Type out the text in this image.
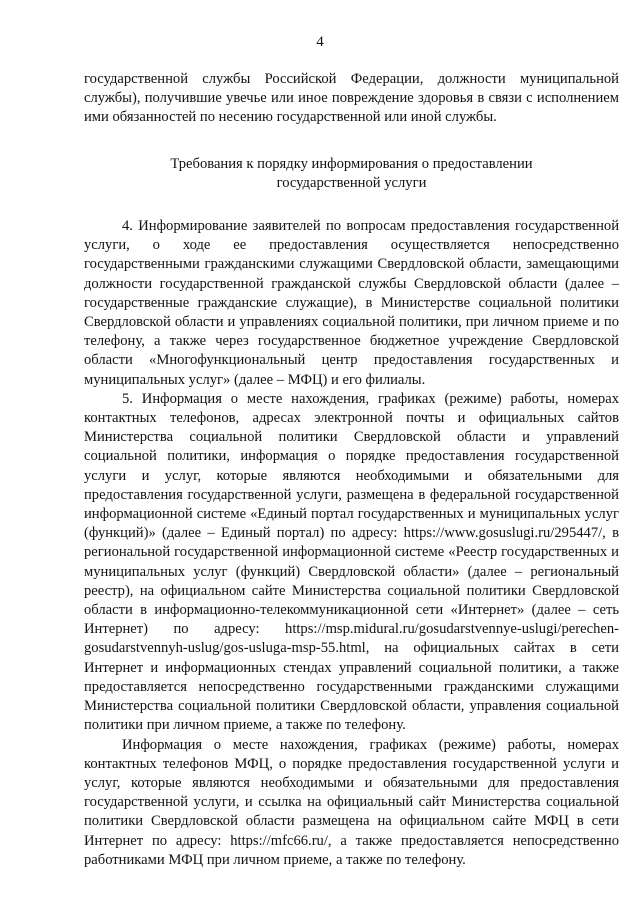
4

государственной службы Российской Федерации, должности муниципальной службы), получившие увечье или иное повреждение здоровья в связи с исполнением ими обязанностей по несению государственной или иной службы.

Требования к порядку информирования о предоставлении государственной услуги

4. Информирование заявителей по вопросам предоставления государственной услуги, о ходе ее предоставления осуществляется непосредственно государственными гражданскими служащими Свердловской области, замещающими должности государственной гражданской службы Свердловской области (далее – государственные гражданские служащие), в Министерстве социальной политики Свердловской области и управлениях социальной политики, при личном приеме и по телефону, а также через государственное бюджетное учреждение Свердловской области «Многофункциональный центр предоставления государственных и муниципальных услуг» (далее – МФЦ) и его филиалы.

5. Информация о месте нахождения, графиках (режиме) работы, номерах контактных телефонов, адресах электронной почты и официальных сайтов Министерства социальной политики Свердловской области и управлений социальной политики, информация о порядке предоставления государственной услуги и услуг, которые являются необходимыми и обязательными для предоставления государственной услуги, размещена в федеральной государственной информационной системе «Единый портал государственных и муниципальных услуг (функций)» (далее – Единый портал) по адресу: https://www.gosuslugi.ru/295447/, в региональной государственной информационной системе «Реестр государственных и муниципальных услуг (функций) Свердловской области» (далее – региональный реестр), на официальном сайте Министерства социальной политики Свердловской области в информационно-телекоммуникационной сети «Интернет» (далее – сеть Интернет) по адресу: https://msp.midural.ru/gosudarstvennye-uslugi/perechen-gosudarstvennyh-uslug/gos-usluga-msp-55.html, на официальных сайтах в сети Интернет и информационных стендах управлений социальной политики, а также предоставляется непосредственно государственными гражданскими служащими Министерства социальной политики Свердловской области, управления социальной политики при личном приеме, а также по телефону.

Информация о месте нахождения, графиках (режиме) работы, номерах контактных телефонов МФЦ, о порядке предоставления государственной услуги и услуг, которые являются необходимыми и обязательными для предоставления государственной услуги, и ссылка на официальный сайт Министерства социальной политики Свердловской области размещена на официальном сайте МФЦ в сети Интернет по адресу: https://mfc66.ru/, а также предоставляется непосредственно работниками МФЦ при личном приеме, а также по телефону.
